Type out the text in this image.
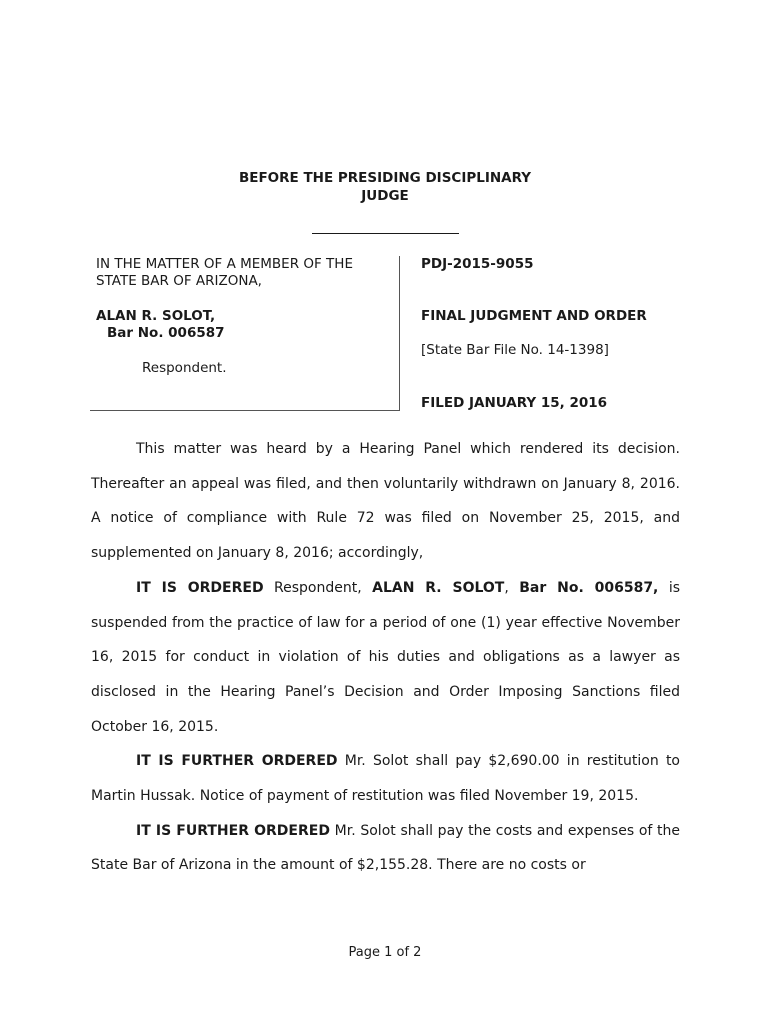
BEFORE THE PRESIDING DISCIPLINARY
JUDGE

IN THE MATTER OF A MEMBER OF THE STATE BAR OF ARIZONA,

ALAN R. SOLOT,

Bar No. 006587

Respondent.

PDJ-2015-9055
FINAL JUDGMENT AND ORDER
[State Bar File No. 14-1398]
FILED JANUARY 15, 2016

This matter was heard by a Hearing Panel which rendered its decision. Thereafter an appeal was filed, and then voluntarily withdrawn on January 8, 2016. A notice of compliance with Rule 72 was filed on November 25, 2015, and supplemented on January 8, 2016; accordingly,

IT IS ORDERED Respondent, ALAN R. SOLOT, Bar No. 006587, is suspended from the practice of law for a period of one (1) year effective November 16, 2015 for conduct in violation of his duties and obligations as a lawyer as disclosed in the Hearing Panel’s Decision and Order Imposing Sanctions filed October 16, 2015.

IT IS FURTHER ORDERED Mr. Solot shall pay $2,690.00 in restitution to Martin Hussak. Notice of payment of restitution was filed November 19, 2015.

IT IS FURTHER ORDERED Mr. Solot shall pay the costs and expenses of the State Bar of Arizona in the amount of $2,155.28. There are no costs or

Page 1 of 2
